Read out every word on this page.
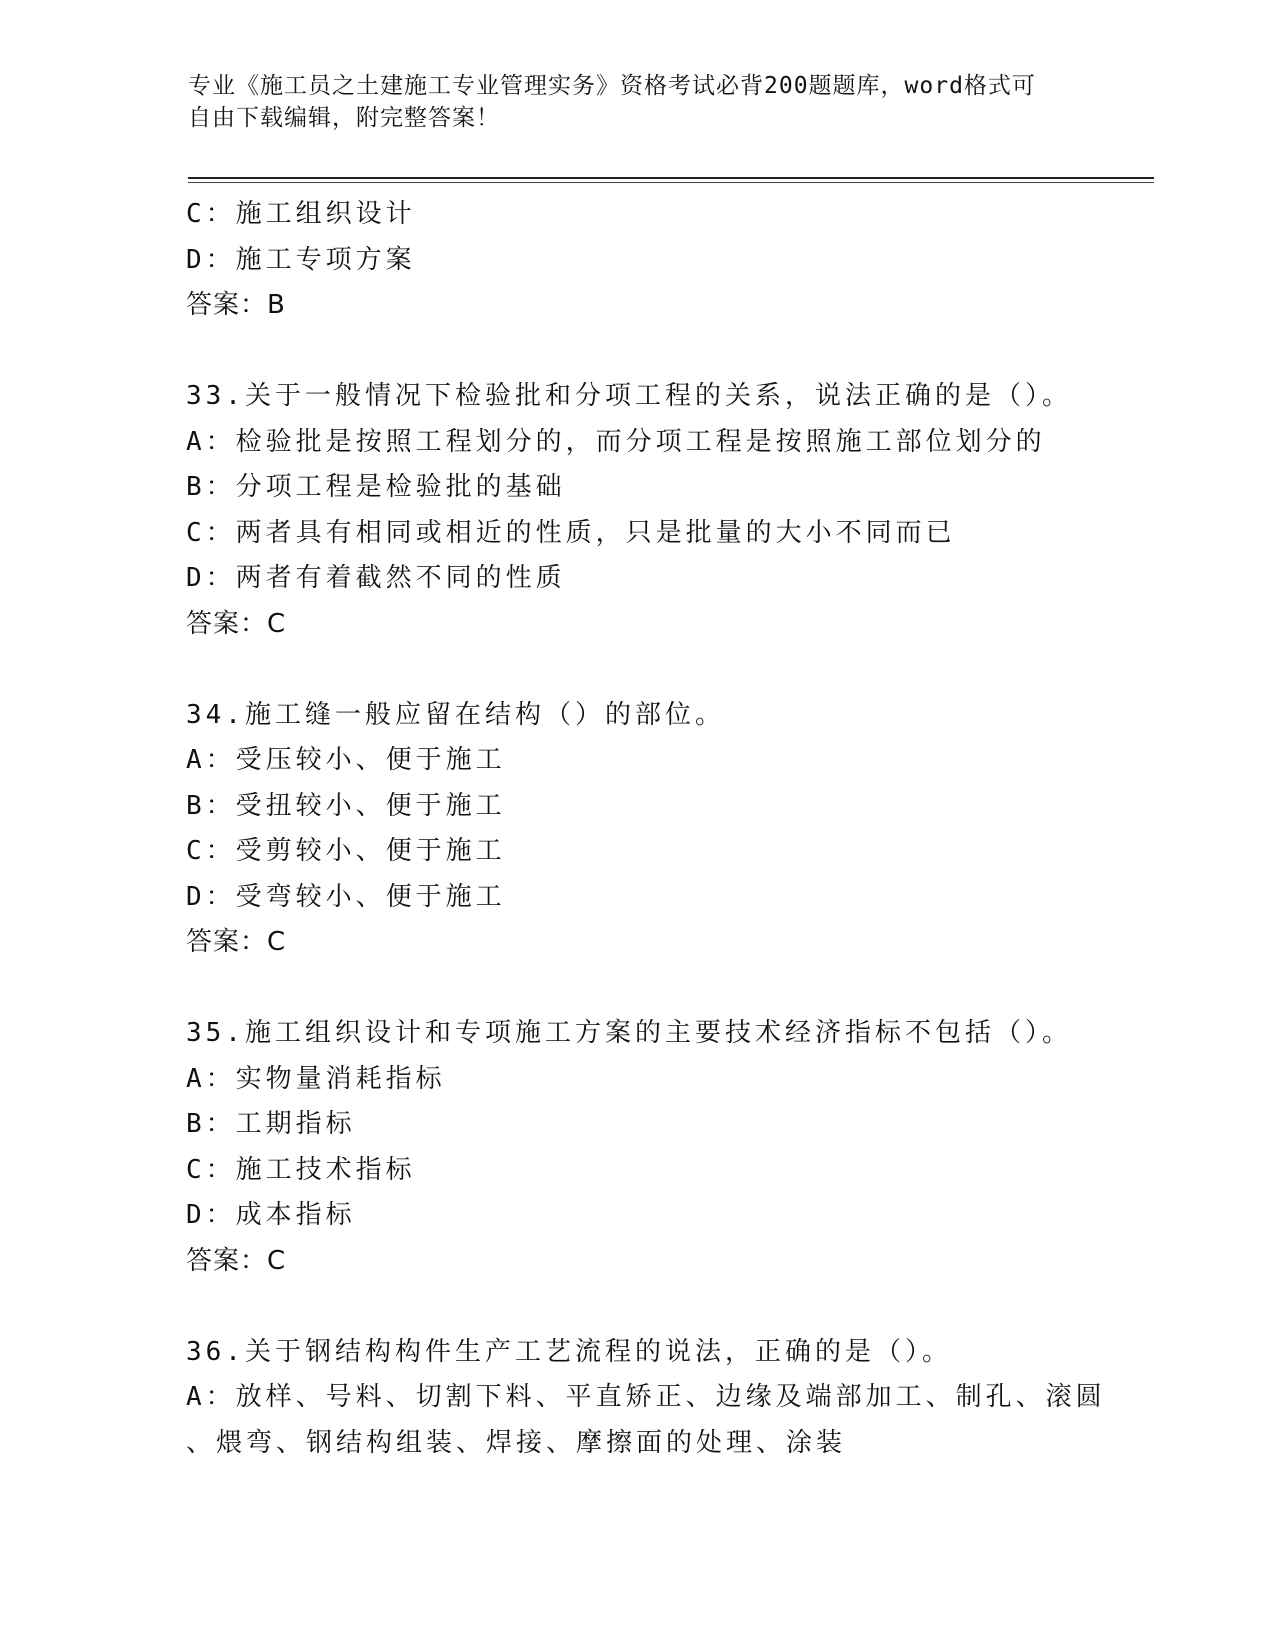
专业《施工员之土建施工专业管理实务》资格考试必背200题题库，word格式可
自由下载编辑，附完整答案！
C：施工组织设计
D：施工专项方案
答案：B
33.关于一般情况下检验批和分项工程的关系，说法正确的是（）。
A：检验批是按照工程划分的，而分项工程是按照施工部位划分的
B：分项工程是检验批的基础
C：两者具有相同或相近的性质，只是批量的大小不同而已
D：两者有着截然不同的性质
答案：C
34.施工缝一般应留在结构（）的部位。
A：受压较小、便于施工
B：受扭较小、便于施工
C：受剪较小、便于施工
D：受弯较小、便于施工
答案：C
35.施工组织设计和专项施工方案的主要技术经济指标不包括（）。
A：实物量消耗指标
B：工期指标
C：施工技术指标
D：成本指标
答案：C
36.关于钢结构构件生产工艺流程的说法，正确的是（）。
A：放样、号料、切割下料、平直矫正、边缘及端部加工、制孔、滚圆
、煨弯、钢结构组装、焊接、摩擦面的处理、涂装
